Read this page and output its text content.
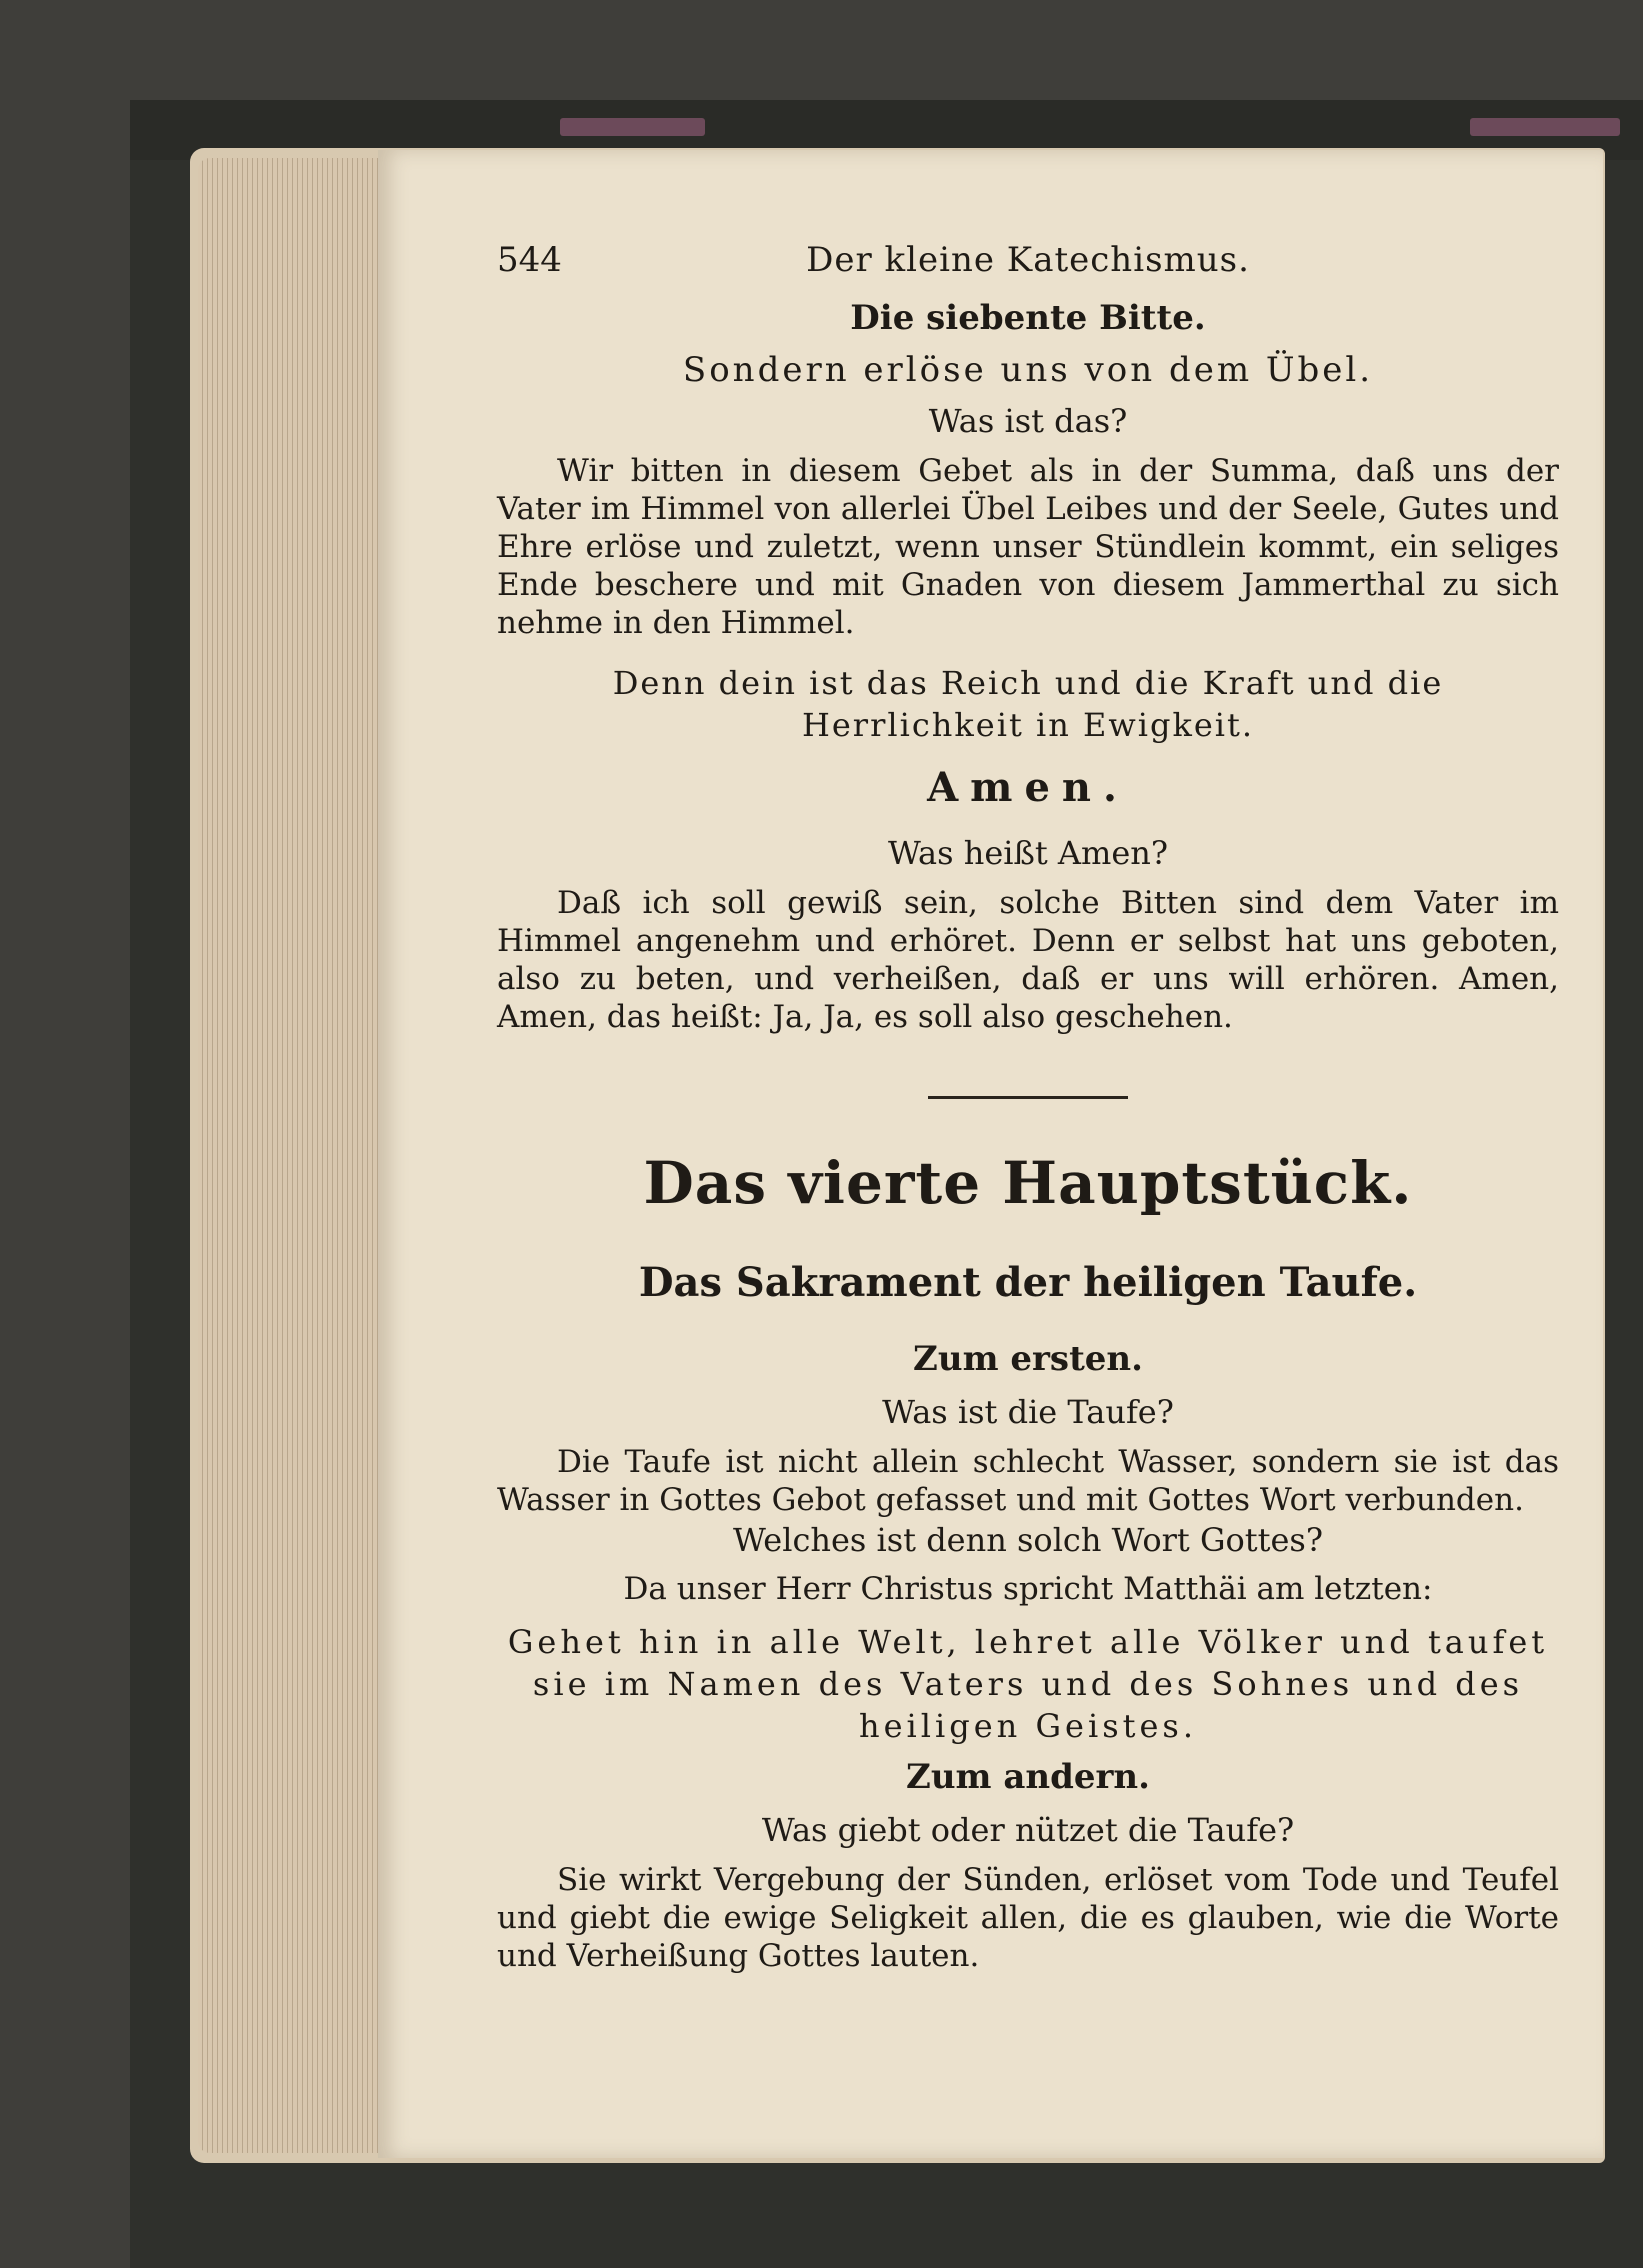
544	Der kleine Katechismus.
Die siebente Bitte.
Sondern erlöse uns von dem Übel.
Was ist das?

Wir bitten in diesem Gebet als in der Summa, daß uns der Vater im Himmel von allerlei Übel Leibes und der Seele, Gutes und Ehre erlöse und zuletzt, wenn unser Stündlein kommt, ein seliges Ende beschere und mit Gnaden von diesem Jammerthal zu sich nehme in den Himmel.

Denn dein ist das Reich und die Kraft und die Herrlichkeit in Ewigkeit.
Amen.
Was heißt Amen?

Daß ich soll gewiß sein, solche Bitten sind dem Vater im Himmel angenehm und erhöret. Denn er selbst hat uns geboten, also zu beten, und verheißen, daß er uns will erhören. Amen, Amen, das heißt: Ja, Ja, es soll also geschehen.

Das vierte Hauptstück.
Das Sakrament der heiligen Taufe.
Zum ersten.
Was ist die Taufe?

Die Taufe ist nicht allein schlecht Wasser, sondern sie ist das Wasser in Gottes Gebot gefasset und mit Gottes Wort verbunden.

Welches ist denn solch Wort Gottes?
Da unser Herr Christus spricht Matthäi am letzten:
Gehet hin in alle Welt, lehret alle Völker und taufet sie im Namen des Vaters und des Sohnes und des heiligen Geistes.
Zum andern.
Was giebt oder nützet die Taufe?

Sie wirkt Vergebung der Sünden, erlöset vom Tode und Teufel und giebt die ewige Seligkeit allen, die es glauben, wie die Worte und Verheißung Gottes lauten.
